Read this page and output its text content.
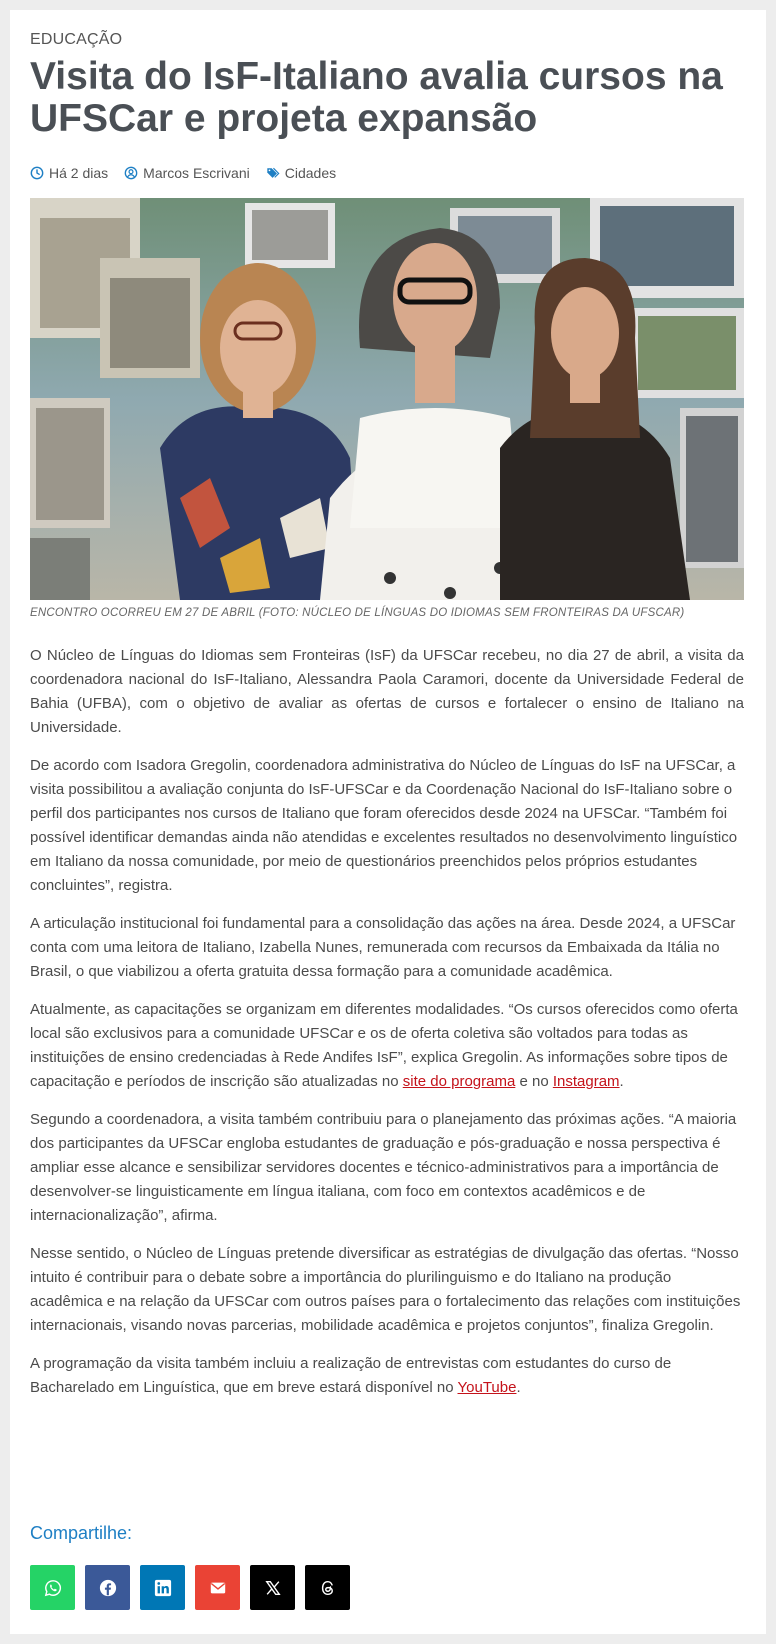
EDUCAÇÃO
Visita do IsF-Italiano avalia cursos na UFSCar e projeta expansão
Há 2 dias	Marcos Escrivani	Cidades
ENCONTRO OCORREU EM 27 DE ABRIL (FOTO: NÚCLEO DE LÍNGUAS DO IDIOMAS SEM FRONTEIRAS DA UFSCAR)

O Núcleo de Línguas do Idiomas sem Fronteiras (IsF) da UFSCar recebeu, no dia 27 de abril, a visita da coordenadora nacional do IsF-Italiano, Alessandra Paola Caramori, docente da Universidade Federal de Bahia (UFBA), com o objetivo de avaliar as ofertas de cursos e fortalecer o ensino de Italiano na Universidade.

De acordo com Isadora Gregolin, coordenadora administrativa do Núcleo de Línguas do IsF na UFSCar, a visita possibilitou a avaliação conjunta do IsF-UFSCar e da Coordenação Nacional do IsF-Italiano sobre o perfil dos participantes nos cursos de Italiano que foram oferecidos desde 2024 na UFSCar. “Também foi possível identificar demandas ainda não atendidas e excelentes resultados no desenvolvimento linguístico em Italiano da nossa comunidade, por meio de questionários preenchidos pelos próprios estudantes concluintes”, registra.

A articulação institucional foi fundamental para a consolidação das ações na área. Desde 2024, a UFSCar conta com uma leitora de Italiano, Izabella Nunes, remunerada com recursos da Embaixada da Itália no Brasil, o que viabilizou a oferta gratuita dessa formação para a comunidade acadêmica.

Atualmente, as capacitações se organizam em diferentes modalidades. “Os cursos oferecidos como oferta local são exclusivos para a comunidade UFSCar e os de oferta coletiva são voltados para todas as instituições de ensino credenciadas à Rede Andifes IsF”, explica Gregolin. As informações sobre tipos de capacitação e períodos de inscrição são atualizadas no site do programa e no Instagram.

Segundo a coordenadora, a visita também contribuiu para o planejamento das próximas ações. “A maioria dos participantes da UFSCar engloba estudantes de graduação e pós-graduação e nossa perspectiva é ampliar esse alcance e sensibilizar servidores docentes e técnico-administrativos para a importância de desenvolver-se linguisticamente em língua italiana, com foco em contextos acadêmicos e de internacionalização”, afirma.

Nesse sentido, o Núcleo de Línguas pretende diversificar as estratégias de divulgação das ofertas. “Nosso intuito é contribuir para o debate sobre a importância do plurilinguismo e do Italiano na produção acadêmica e na relação da UFSCar com outros países para o fortalecimento das relações com instituições internacionais, visando novas parcerias, mobilidade acadêmica e projetos conjuntos”, finaliza Gregolin.

A programação da visita também incluiu a realização de entrevistas com estudantes do curso de Bacharelado em Linguística, que em breve estará disponível no YouTube.

Compartilhe:
